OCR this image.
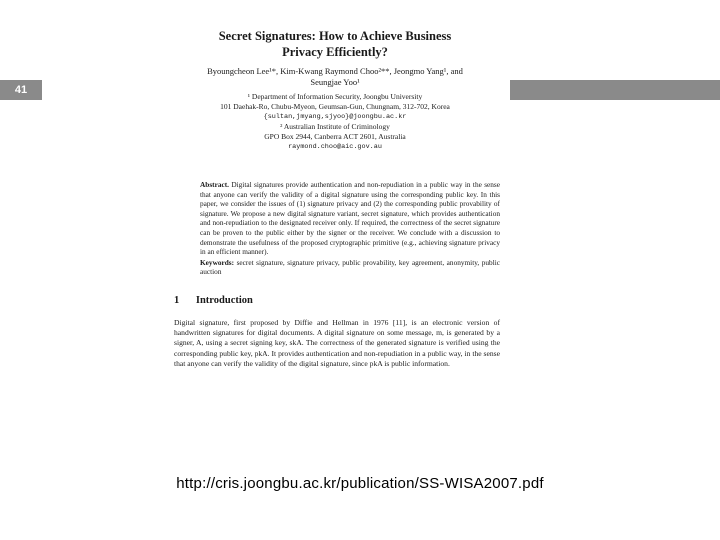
41
Secret Signatures: How to Achieve Business
Privacy Efficiently?
Byoungcheon Lee¹*, Kim-Kwang Raymond Choo²**, Jeongmo Yang¹, and
Seungjae Yoo¹
¹ Department of Information Security, Joongbu University
101 Daehak-Ro, Chubu-Myeon, Geumsan-Gun, Chungnam, 312-702, Korea
{sultan,jmyang,sjyoo}@joongbu.ac.kr
² Australian Institute of Criminology
GPO Box 2944, Canberra ACT 2601, Australia
raymond.choo@aic.gov.au
Abstract. Digital signatures provide authentication and non-repudiation in a public way in the sense that anyone can verify the validity of a digital signature using the corresponding public key. In this paper, we consider the issues of (1) signature privacy and (2) the corresponding public provability of signature. We propose a new digital signature variant, secret signature, which provides authentication and non-repudiation to the designated receiver only. If required, the correctness of the secret signature can be proven to the public either by the signer or the receiver. We conclude with a discussion to demonstrate the usefulness of the proposed cryptographic primitive (e.g., achieving signature privacy in an efficient manner).
Keywords: secret signature, signature privacy, public provability, key agreement, anonymity, public auction
1 Introduction
Digital signature, first proposed by Diffie and Hellman in 1976 [11], is an electronic version of handwritten signatures for digital documents. A digital signature on some message, m, is generated by a signer, A, using a secret signing key, skA. The correctness of the generated signature is verified using the corresponding public key, pkA. It provides authentication and non-repudiation in a public way, in the sense that anyone can verify the validity of the digital signature, since pkA is public information.
http://cris.joongbu.ac.kr/publication/SS-WISA2007.pdf
